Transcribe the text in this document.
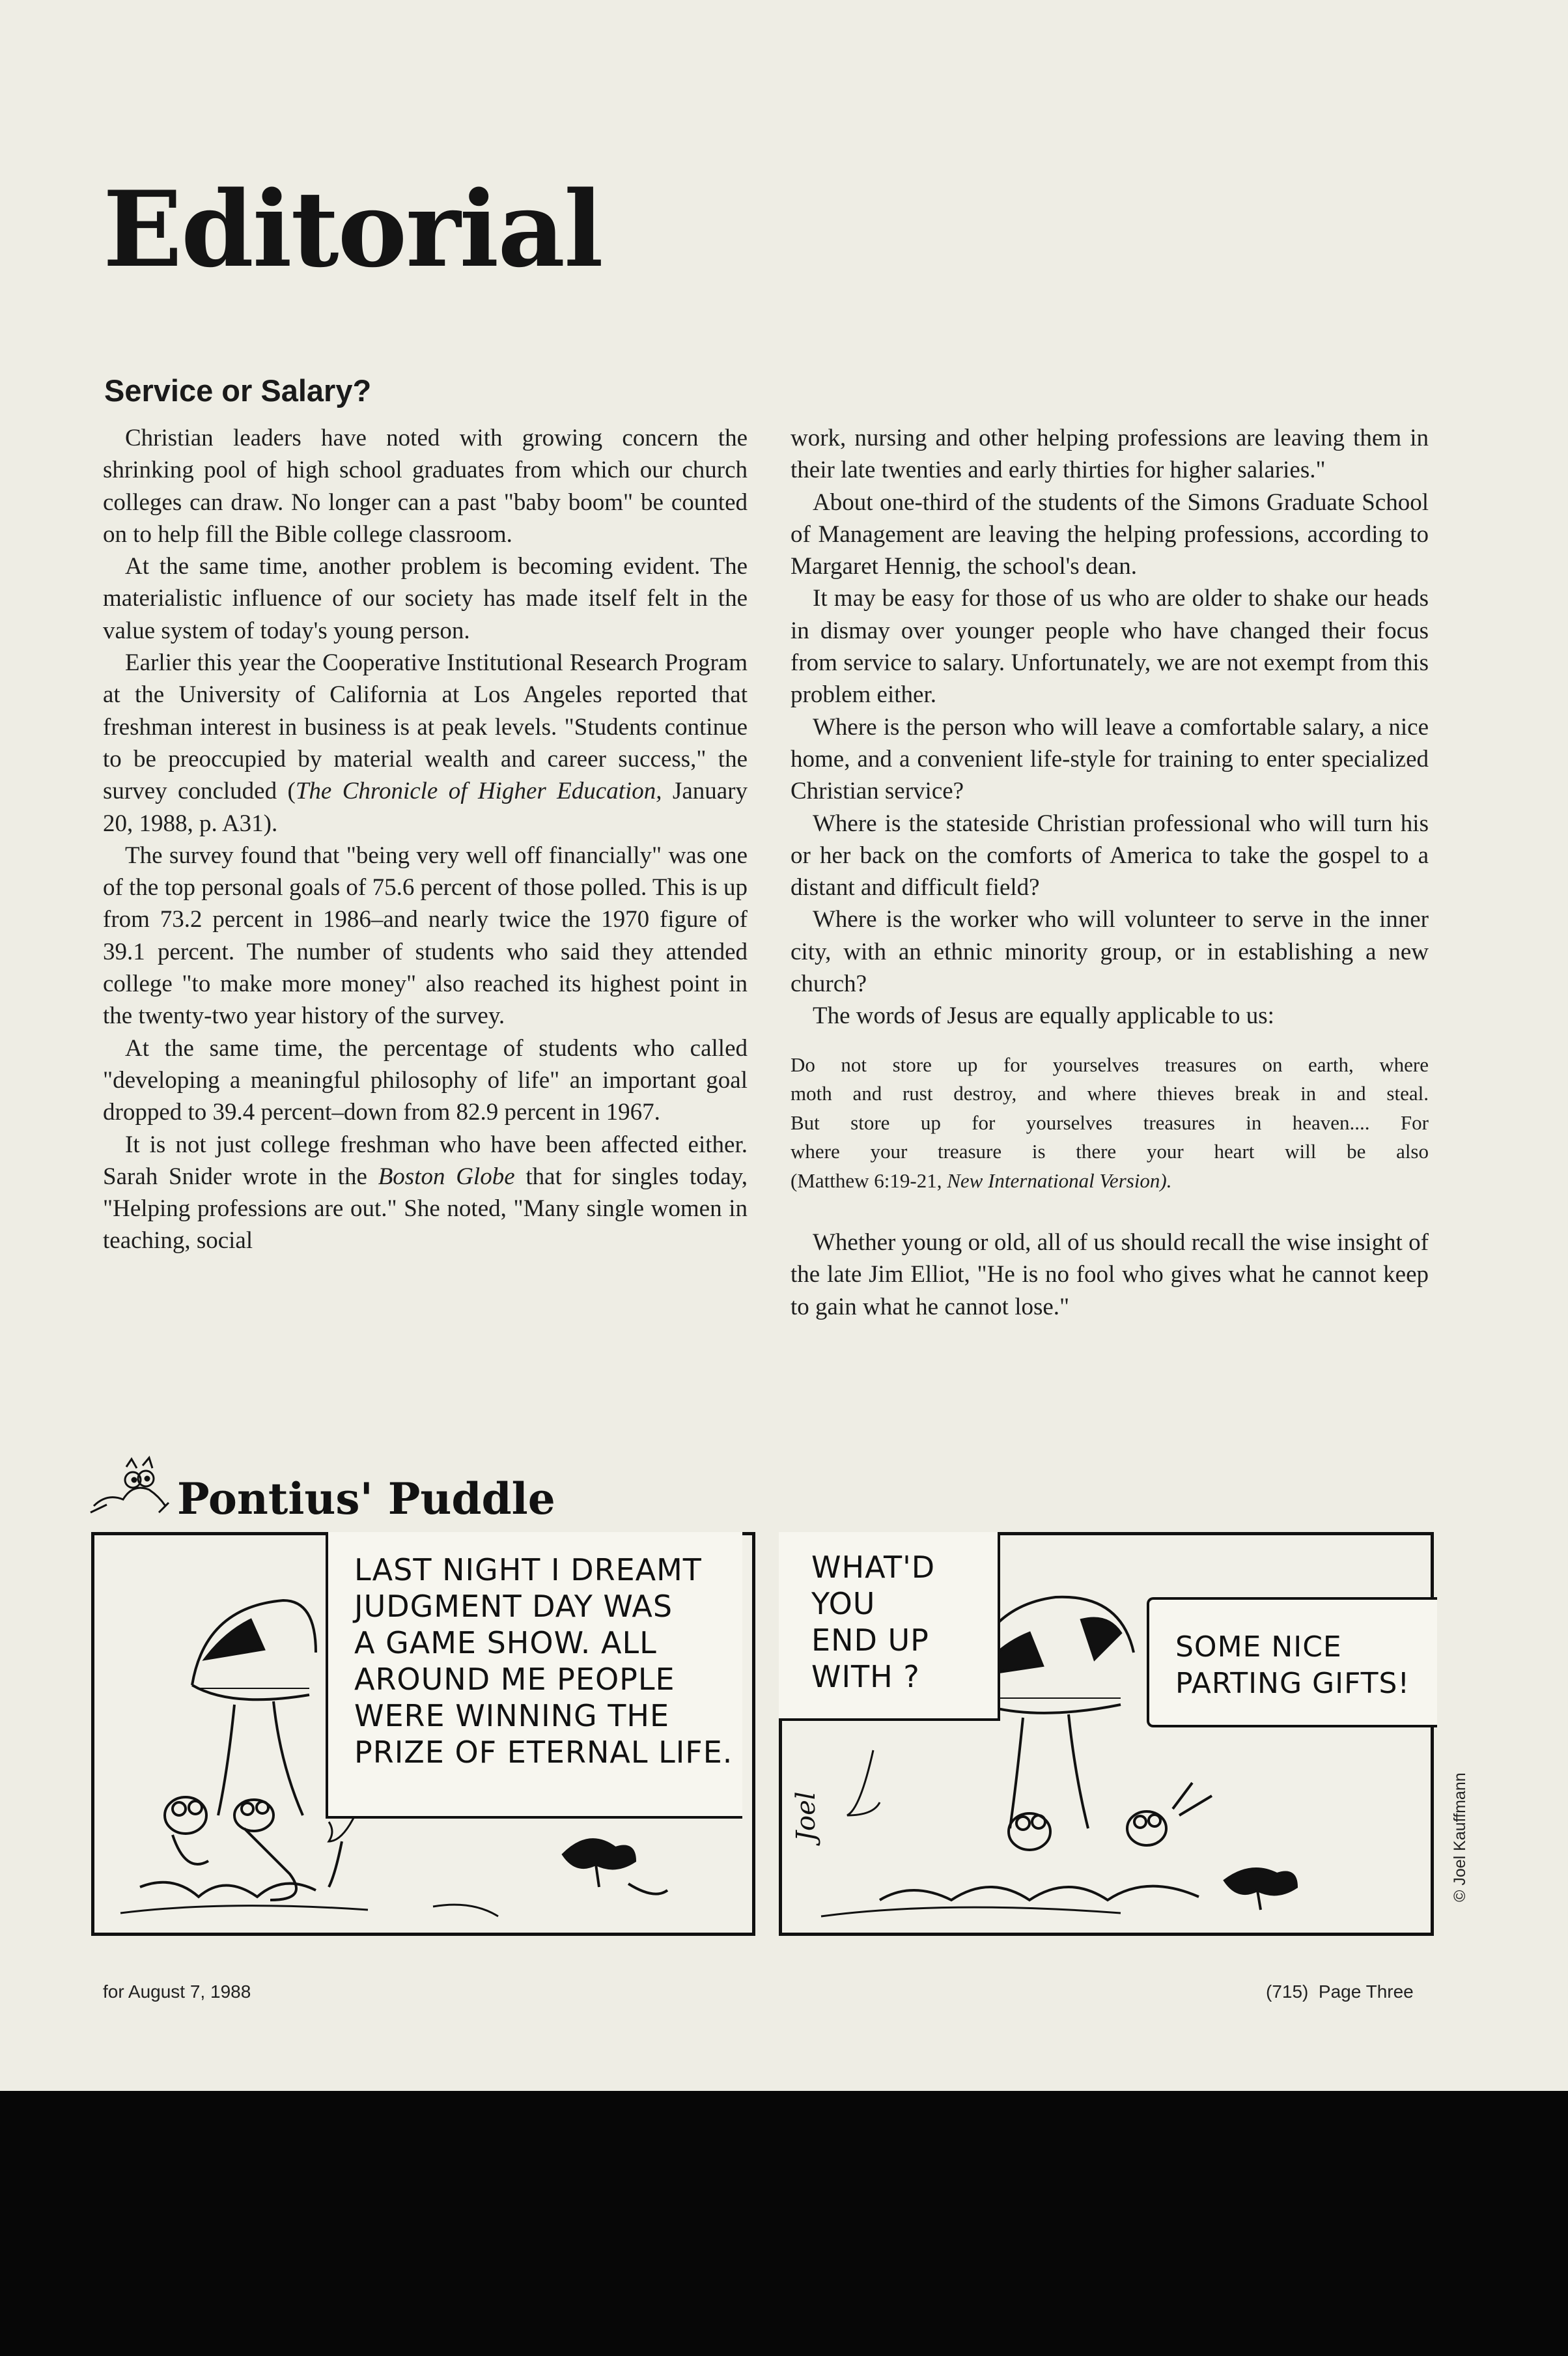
Editorial
Service or Salary?

Christian leaders have noted with growing concern the shrinking pool of high school graduates from which our church colleges can draw. No longer can a past "baby boom" be counted on to help fill the Bible college classroom.

At the same time, another problem is becoming evident. The materialistic influence of our society has made itself felt in the value system of today's young person.

Earlier this year the Cooperative Institutional Research Program at the University of California at Los Angeles reported that freshman interest in business is at peak levels. "Students continue to be preoccupied by material wealth and career success," the survey concluded (The Chronicle of Higher Education, January 20, 1988, p. A31).

The survey found that "being very well off financially" was one of the top personal goals of 75.6 percent of those polled. This is up from 73.2 percent in 1986–and nearly twice the 1970 figure of 39.1 percent. The number of students who said they attended college "to make more money" also reached its highest point in the twenty-two year history of the survey.

At the same time, the percentage of students who called "developing a meaningful philosophy of life" an important goal dropped to 39.4 percent–down from 82.9 percent in 1967.

It is not just college freshman who have been affected either. Sarah Snider wrote in the Boston Globe that for singles today, "Helping professions are out." She noted, "Many single women in teaching, social

work, nursing and other helping professions are leaving them in their late twenties and early thirties for higher salaries."

About one-third of the students of the Simons Graduate School of Management are leaving the helping professions, according to Margaret Hennig, the school's dean.

It may be easy for those of us who are older to shake our heads in dismay over younger people who have changed their focus from service to salary. Unfortunately, we are not exempt from this problem either.

Where is the person who will leave a comfortable salary, a nice home, and a convenient life-style for training to enter specialized Christian service?

Where is the stateside Christian professional who will turn his or her back on the comforts of America to take the gospel to a distant and difficult field?

Where is the worker who will volunteer to serve in the inner city, with an ethnic minority group, or in establishing a new church?

The words of Jesus are equally applicable to us:

Do not store up for yourselves treasures on earth, where
moth and rust destroy, and where thieves break in and steal.
But store up for yourselves treasures in heaven.... For
where your treasure is there your heart will be also
(Matthew 6:19-21, New International Version).

Whether young or old, all of us should recall the wise insight of the late Jim Elliot, "He is no fool who gives what he cannot keep to gain what he cannot lose."

Pontius' Puddle
LAST NIGHT I DREAMT
JUDGMENT DAY WAS
A GAME SHOW. ALL
AROUND ME PEOPLE
WERE WINNING THE
PRIZE OF ETERNAL LIFE.
WHAT'D YOU
END UP
WITH ?
SOME NICE
PARTING GIFTS!
Joel	© Joel Kauffmann
for August 7, 1988	(715)  Page Three
